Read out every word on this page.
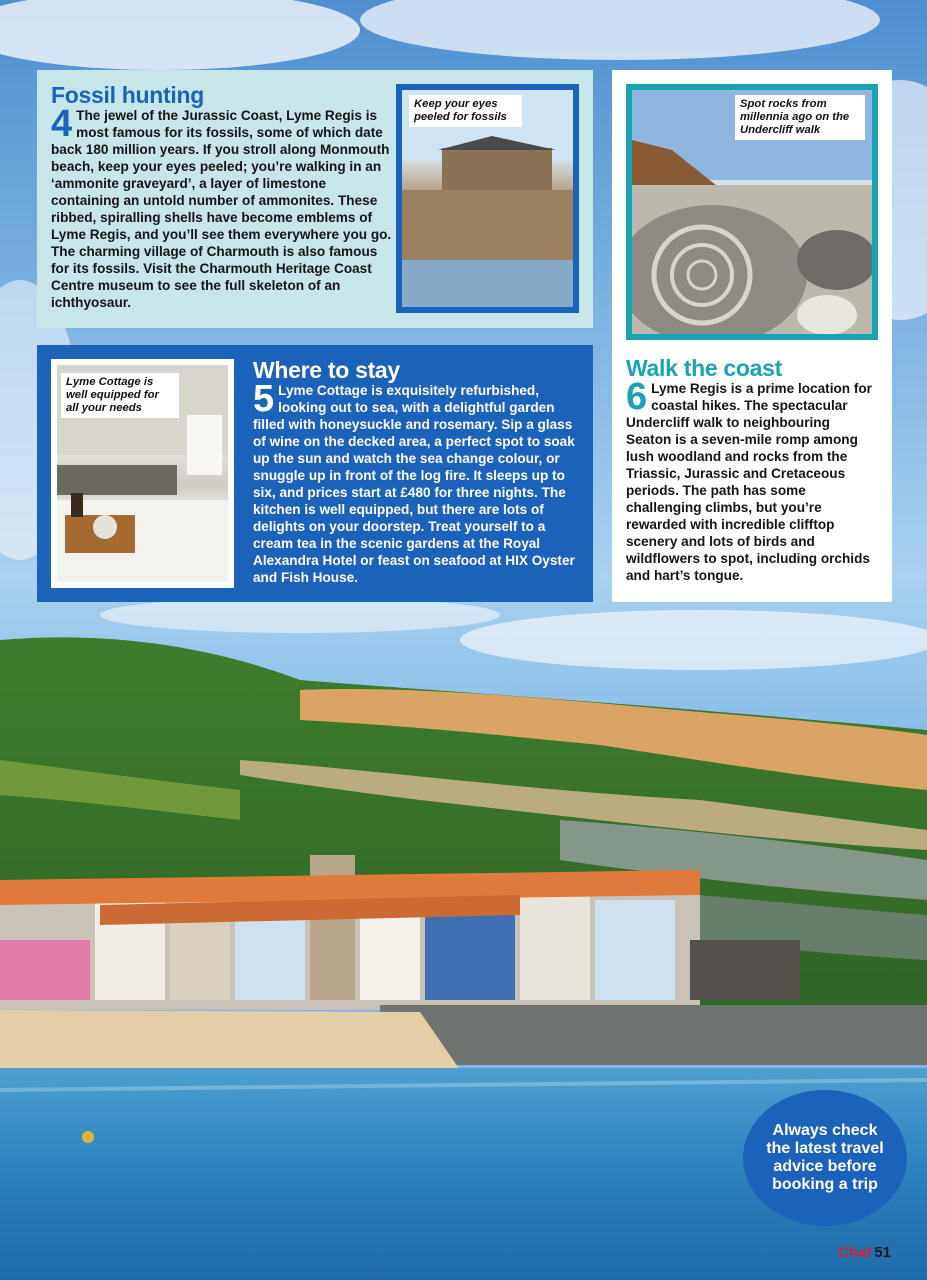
Fossil hunting

4 The jewel of the Jurassic Coast, Lyme Regis is most famous for its fossils, some of which date back 180 million years. If you stroll along Monmouth beach, keep your eyes peeled; you’re walking in an ‘ammonite graveyard’, a layer of limestone containing an untold number of ammonites. These ribbed, spiralling shells have become emblems of Lyme Regis, and you’ll see them everywhere you go. The charming village of Charmouth is also famous for its fossils. Visit the Charmouth Heritage Coast Centre museum to see the full skeleton of an ichthyosaur.

Keep your eyes peeled for fossils
Lyme Cottage is well equipped for all your needs
Where to stay

5 Lyme Cottage is exquisitely refurbished, looking out to sea, with a delightful garden filled with honeysuckle and rosemary. Sip a glass of wine on the decked area, a perfect spot to soak up the sun and watch the sea change colour, or snuggle up in front of the log fire. It sleeps up to six, and prices start at £480 for three nights. The kitchen is well equipped, but there are lots of delights on your doorstep. Treat yourself to a cream tea in the scenic gardens at the Royal Alexandra Hotel or feast on seafood at HIX Oyster and Fish House.

Spot rocks from millennia ago on the Undercliff walk
Walk the coast

6 Lyme Regis is a prime location for coastal hikes. The spectacular Undercliff walk to neighbouring Seaton is a seven-mile romp among lush woodland and rocks from the Triassic, Jurassic and Cretaceous periods. The path has some challenging climbs, but you’re rewarded with incredible clifftop scenery and lots of birds and wildflowers to spot, including orchids and hart’s tongue.

Always check the latest travel advice before booking a trip
Chat 51
